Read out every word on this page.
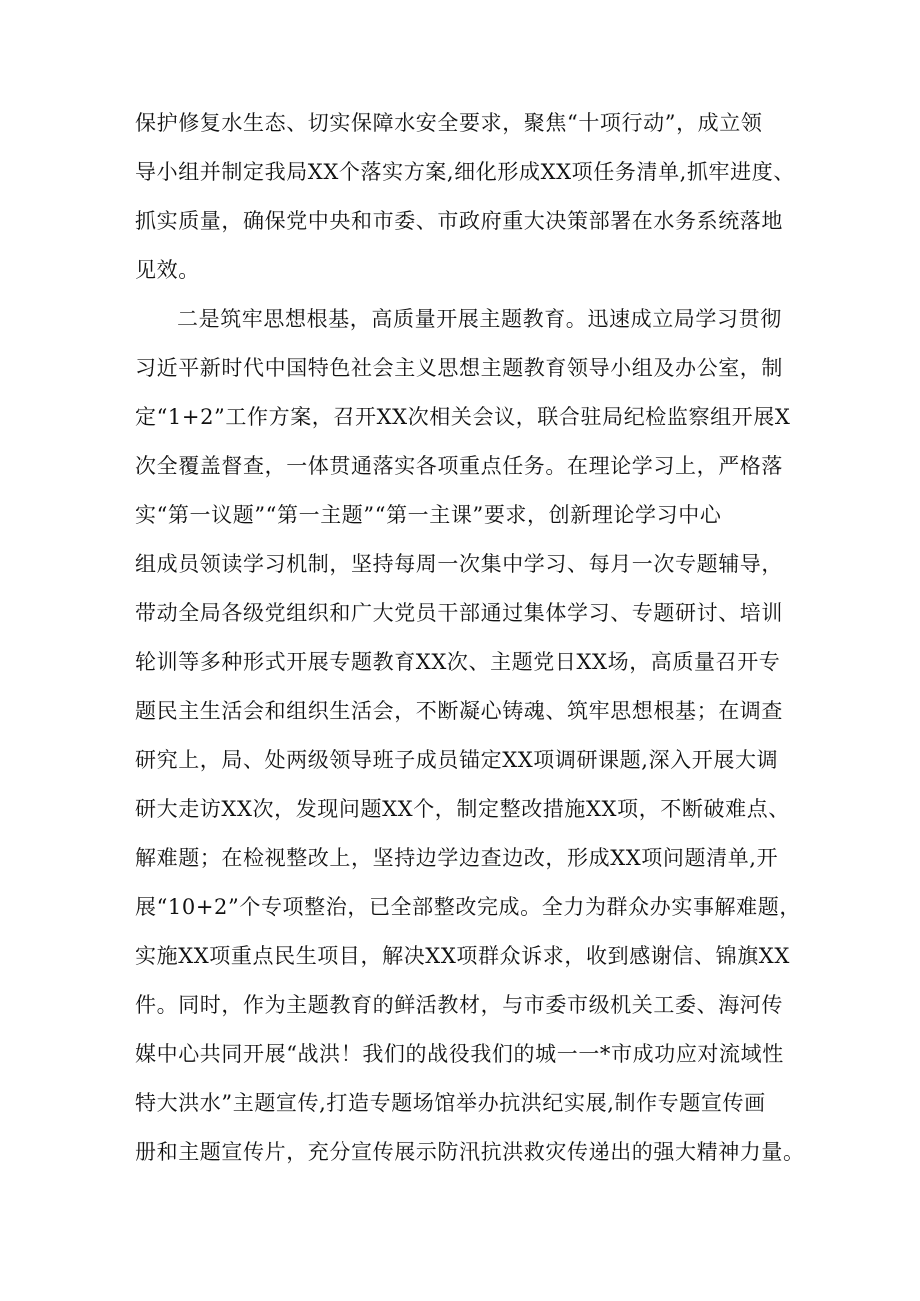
保护修复水生态、切实保障水安全要求，聚焦“十项行动”，成立领
导小组并制定我局XX个落实方案,细化形成XX项任务清单,抓牢进度、
抓实质量，确保党中央和市委、市政府重大决策部署在水务系统落地
见效。
二是筑牢思想根基，高质量开展主题教育。迅速成立局学习贯彻
习近平新时代中国特色社会主义思想主题教育领导小组及办公室，制
定“1+2”工作方案，召开XX次相关会议，联合驻局纪检监察组开展X
次全覆盖督查，一体贯通落实各项重点任务。在理论学习上，严格落
实“第一议题”“第一主题”“第一主课”要求，创新理论学习中心
组成员领读学习机制，坚持每周一次集中学习、每月一次专题辅导，
带动全局各级党组织和广大党员干部通过集体学习、专题研讨、培训
轮训等多种形式开展专题教育XX次、主题党日XX场，高质量召开专
题民主生活会和组织生活会，不断凝心铸魂、筑牢思想根基；在调查
研究上，局、处两级领导班子成员锚定XX项调研课题,深入开展大调
研大走访XX次，发现问题XX个，制定整改措施XX项，不断破难点、
解难题；在检视整改上，坚持边学边查边改，形成XX项问题清单,开
展“10+2”个专项整治，已全部整改完成。全力为群众办实事解难题，
实施XX项重点民生项目，解决XX项群众诉求，收到感谢信、锦旗XX
件。同时，作为主题教育的鲜活教材，与市委市级机关工委、海河传
媒中心共同开展“战洪！我们的战役我们的城一一*市成功应对流域性
特大洪水”主题宣传,打造专题场馆举办抗洪纪实展,制作专题宣传画
册和主题宣传片，充分宣传展示防汛抗洪救灾传递出的强大精神力量。
